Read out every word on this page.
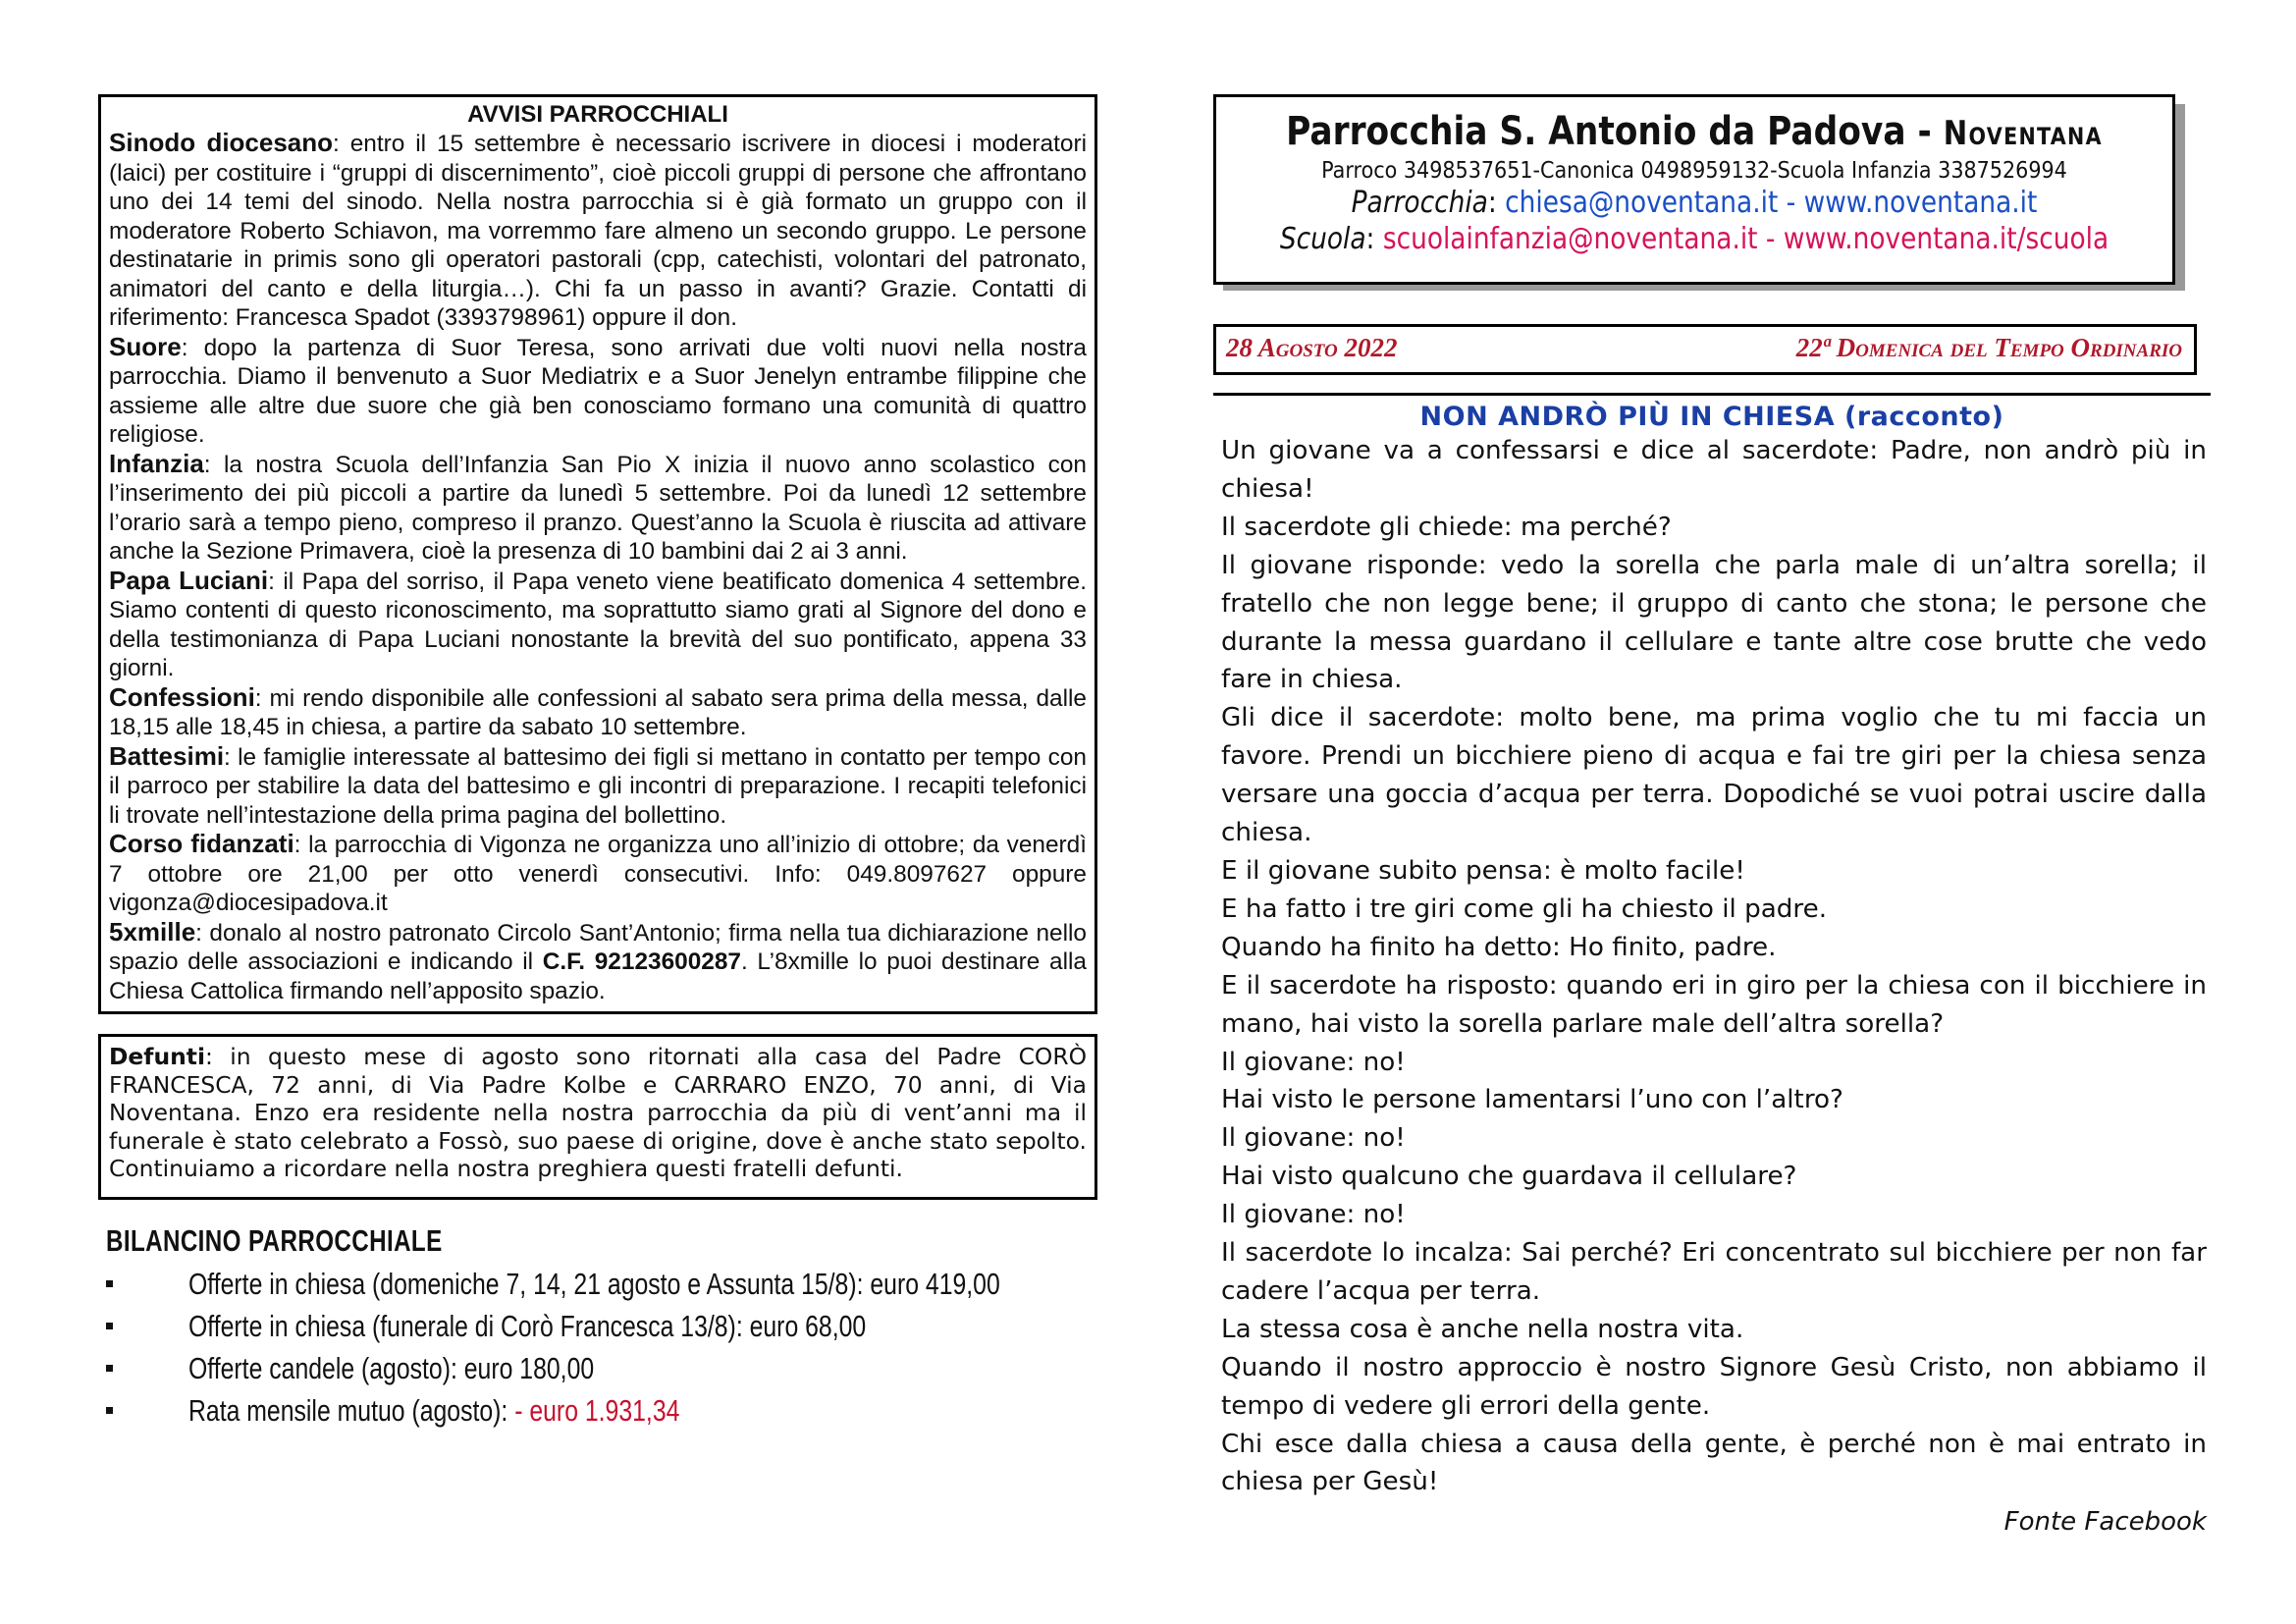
AVVISI PARROCCHIALI

Sinodo diocesano: entro il 15 settembre è necessario iscrivere in diocesi i moderatori (laici) per costituire i “gruppi di discernimento”, cioè piccoli gruppi di persone che affrontano uno dei 14 temi del sinodo. Nella nostra parrocchia si è già formato un gruppo con il moderatore Roberto Schiavon, ma vorremmo fare almeno un secondo gruppo. Le persone destinatarie in primis sono gli operatori pastorali (cpp, catechisti, volontari del patronato, animatori del canto e della liturgia…). Chi fa un passo in avanti? Grazie. Contatti di riferimento: Francesca Spadot (3393798961) oppure il don.

Suore: dopo la partenza di Suor Teresa, sono arrivati due volti nuovi nella nostra parrocchia. Diamo il benvenuto a Suor Mediatrix e a Suor Jenelyn entrambe filippine che assieme alle altre due suore che già ben conosciamo formano una comunità di quattro religiose.

Infanzia: la nostra Scuola dell’Infanzia San Pio X inizia il nuovo anno scolastico con l’inserimento dei più piccoli a partire da lunedì 5 settembre. Poi da lunedì 12 settembre l’orario sarà a tempo pieno, compreso il pranzo. Quest’anno la Scuola è riuscita ad attivare anche la Sezione Primavera, cioè la presenza di 10 bambini dai 2 ai 3 anni.

Papa Luciani: il Papa del sorriso, il Papa veneto viene beatificato domenica 4 settembre. Siamo contenti di questo riconoscimento, ma soprattutto siamo grati al Signore del dono e della testimonianza di Papa Luciani nonostante la brevità del suo pontificato, appena 33 giorni.

Confessioni: mi rendo disponibile alle confessioni al sabato sera prima della messa, dalle 18,15 alle 18,45 in chiesa, a partire da sabato 10 settembre.

Battesimi: le famiglie interessate al battesimo dei figli si mettano in contatto per tempo con il parroco per stabilire la data del battesimo e gli incontri di preparazione. I recapiti telefonici li trovate nell’intestazione della prima pagina del bollettino.

Corso fidanzati: la parrocchia di Vigonza ne organizza uno all’inizio di ottobre; da venerdì 7 ottobre ore 21,00 per otto venerdì consecutivi. Info: 049.8097627 oppure vigonza@diocesipadova.it

5xmille: donalo al nostro patronato Circolo Sant’Antonio; firma nella tua dichiarazione nello spazio delle associazioni e indicando il C.F. 92123600287. L’8xmille lo puoi destinare alla Chiesa Cattolica firmando nell’apposito spazio.

Defunti: in questo mese di agosto sono ritornati alla casa del Padre CORÒ FRANCESCA, 72 anni, di Via Padre Kolbe e CARRARO ENZO, 70 anni, di Via Noventana. Enzo era residente nella nostra parrocchia da più di vent’anni ma il funerale è stato celebrato a Fossò, suo paese di origine, dove è anche stato sepolto. Continuiamo a ricordare nella nostra preghiera questi fratelli defunti.
BILANCINO PARROCCHIALE
Offerte in chiesa (domeniche 7, 14, 21 agosto e Assunta 15/8): euro 419,00
Offerte in chiesa (funerale di Corò Francesca 13/8): euro 68,00
Offerte candele (agosto): euro 180,00
Rata mensile mutuo (agosto): - euro 1.931,34
Parrocchia S. Antonio da Padova - Noventana
Parroco 3498537651-Canonica 0498959132-Scuola Infanzia 3387526994
Parrocchia: chiesa@noventana.it - www.noventana.it
Scuola: scuolainfanzia@noventana.it - www.noventana.it/scuola
28 Agosto 2022	22ª Domenica del Tempo Ordinario
NON ANDRÒ PIÙ IN CHIESA (racconto)

Un giovane va a confessarsi e dice al sacerdote: Padre, non andrò più in chiesa!

Il sacerdote gli chiede: ma perché?

Il giovane risponde: vedo la sorella che parla male di un’altra sorella; il fratello che non legge bene; il gruppo di canto che stona; le persone che durante la messa guardano il cellulare e tante altre cose brutte che vedo fare in chiesa.

Gli dice il sacerdote: molto bene, ma prima voglio che tu mi faccia un favore. Prendi un bicchiere pieno di acqua e fai tre giri per la chiesa senza versare una goccia d’acqua per terra. Dopodiché se vuoi potrai uscire dalla chiesa.

E il giovane subito pensa: è molto facile!

E ha fatto i tre giri come gli ha chiesto il padre.

Quando ha finito ha detto: Ho finito, padre.

E il sacerdote ha risposto: quando eri in giro per la chiesa con il bicchiere in mano, hai visto la sorella parlare male dell’altra sorella?

Il giovane: no!

Hai visto le persone lamentarsi l’uno con l’altro?

Il giovane: no!

Hai visto qualcuno che guardava il cellulare?

Il giovane: no!

Il sacerdote lo incalza: Sai perché? Eri concentrato sul bicchiere per non far cadere l’acqua per terra.

La stessa cosa è anche nella nostra vita.

Quando il nostro approccio è nostro Signore Gesù Cristo, non abbiamo il tempo di vedere gli errori della gente.

Chi esce dalla chiesa a causa della gente, è perché non è mai entrato in chiesa per Gesù!

Fonte Facebook
